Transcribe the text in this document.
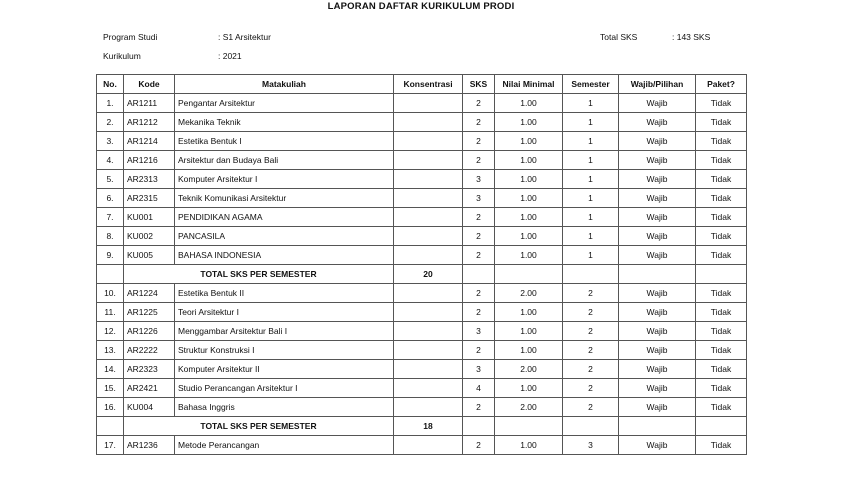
LAPORAN DAFTAR KURIKULUM PRODI
Program Studi	: S1 Arsitektur
Kurikulum	: 2021
Total SKS	: 143 SKS
No.	Kode	Matakuliah	Konsentrasi	SKS	Nilai Minimal	Semester	Wajib/Pilihan	Paket?
1.	AR1211	Pengantar Arsitektur		2	1.00	1	Wajib	Tidak
2.	AR1212	Mekanika Teknik		2	1.00	1	Wajib	Tidak
3.	AR1214	Estetika Bentuk I		2	1.00	1	Wajib	Tidak
4.	AR1216	Arsitektur dan Budaya Bali		2	1.00	1	Wajib	Tidak
5.	AR2313	Komputer Arsitektur I		3	1.00	1	Wajib	Tidak
6.	AR2315	Teknik Komunikasi Arsitektur		3	1.00	1	Wajib	Tidak
7.	KU001	PENDIDIKAN AGAMA		2	1.00	1	Wajib	Tidak
8.	KU002	PANCASILA		2	1.00	1	Wajib	Tidak
9.	KU005	BAHASA INDONESIA		2	1.00	1	Wajib	Tidak
	TOTAL SKS PER SEMESTER		20					
10.	AR1224	Estetika Bentuk II		2	2.00	2	Wajib	Tidak
11.	AR1225	Teori Arsitektur I		2	1.00	2	Wajib	Tidak
12.	AR1226	Menggambar Arsitektur Bali I		3	1.00	2	Wajib	Tidak
13.	AR2222	Struktur Konstruksi I		2	1.00	2	Wajib	Tidak
14.	AR2323	Komputer Arsitektur II		3	2.00	2	Wajib	Tidak
15.	AR2421	Studio Perancangan Arsitektur I		4	1.00	2	Wajib	Tidak
16.	KU004	Bahasa Inggris		2	2.00	2	Wajib	Tidak
	TOTAL SKS PER SEMESTER		18					
17.	AR1236	Metode Perancangan		2	1.00	3	Wajib	Tidak
